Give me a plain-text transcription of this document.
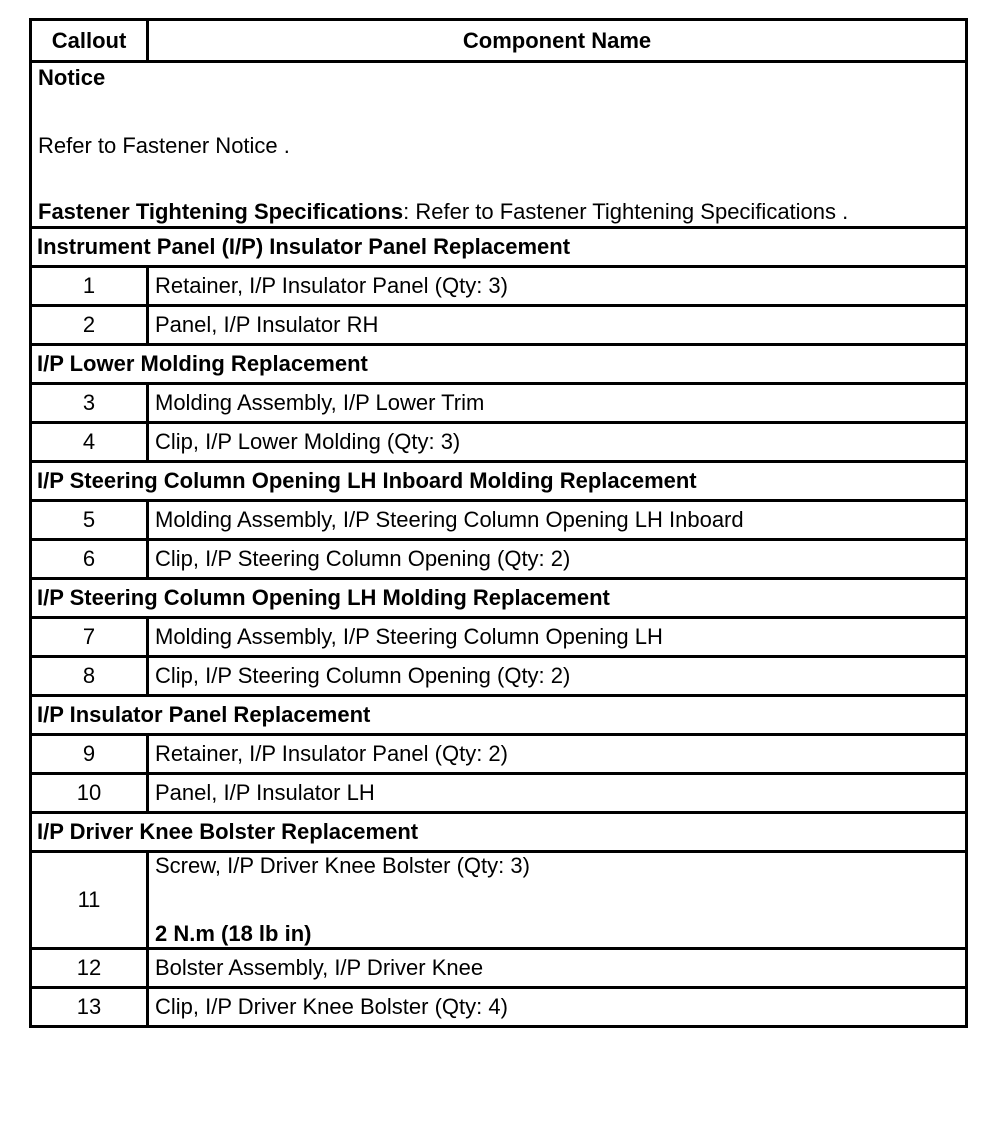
Callout	Component Name

Notice
Refer to Fastener Notice .
Fastener Tightening Specifications: Refer to Fastener Tightening Specifications .	

Instrument Panel (I/P) Insulator Panel Replacement	
1	Retainer, I/P Insulator Panel (Qty: 3)
2	Panel, I/P Insulator RH
I/P Lower Molding Replacement	
3	Molding Assembly, I/P Lower Trim
4	Clip, I/P Lower Molding (Qty: 3)
I/P Steering Column Opening LH Inboard Molding Replacement	
5	Molding Assembly, I/P Steering Column Opening LH Inboard
6	Clip, I/P Steering Column Opening (Qty: 2)
I/P Steering Column Opening LH Molding Replacement	
7	Molding Assembly, I/P Steering Column Opening LH
8	Clip, I/P Steering Column Opening (Qty: 2)
I/P Insulator Panel Replacement	
9	Retainer, I/P Insulator Panel (Qty: 2)
10	Panel, I/P Insulator LH
I/P Driver Knee Bolster Replacement	
11	Screw, I/P Driver Knee Bolster (Qty: 3)
2 N.m (18 lb in)

12	Bolster Assembly, I/P Driver Knee
13	Clip, I/P Driver Knee Bolster (Qty: 4)
